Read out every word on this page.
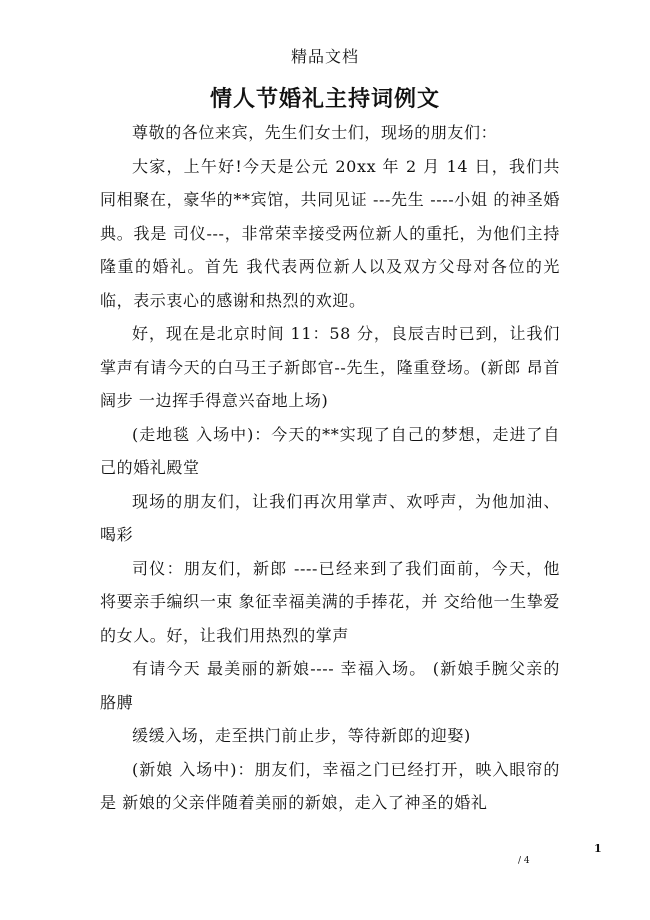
精品文档
情人节婚礼主持词例文

尊敬的各位来宾，先生们女士们，现场的朋友们：

大家，上午好!今天是公元 20xx 年 2 月 14 日，我们共同相聚在，豪华的**宾馆，共同见证 ---先生 ----小姐 的神圣婚典。我是 司仪---，非常荣幸接受两位新人的重托，为他们主持隆重的婚礼。首先 我代表两位新人以及双方父母对各位的光临，表示衷心的感谢和热烈的欢迎。

好，现在是北京时间 11：58 分，良辰吉时已到，让我们掌声有请今天的白马王子新郎官--先生，隆重登场。(新郎 昂首阔步 一边挥手得意兴奋地上场)

(走地毯 入场中)：今天的**实现了自己的梦想，走进了自己的婚礼殿堂

现场的朋友们，让我们再次用掌声、欢呼声，为他加油、喝彩

司仪：朋友们，新郎 ----已经来到了我们面前，今天，他将要亲手编织一束 象征幸福美满的手捧花，并 交给他一生挚爱的女人。好，让我们用热烈的掌声

有请今天 最美丽的新娘---- 幸福入场。 (新娘手腕父亲的胳膊

缓缓入场，走至拱门前止步，等待新郎的迎娶)

(新娘 入场中)：朋友们，幸福之门已经打开，映入眼帘的是 新娘的父亲伴随着美丽的新娘，走入了神圣的婚礼

1
/ 4
